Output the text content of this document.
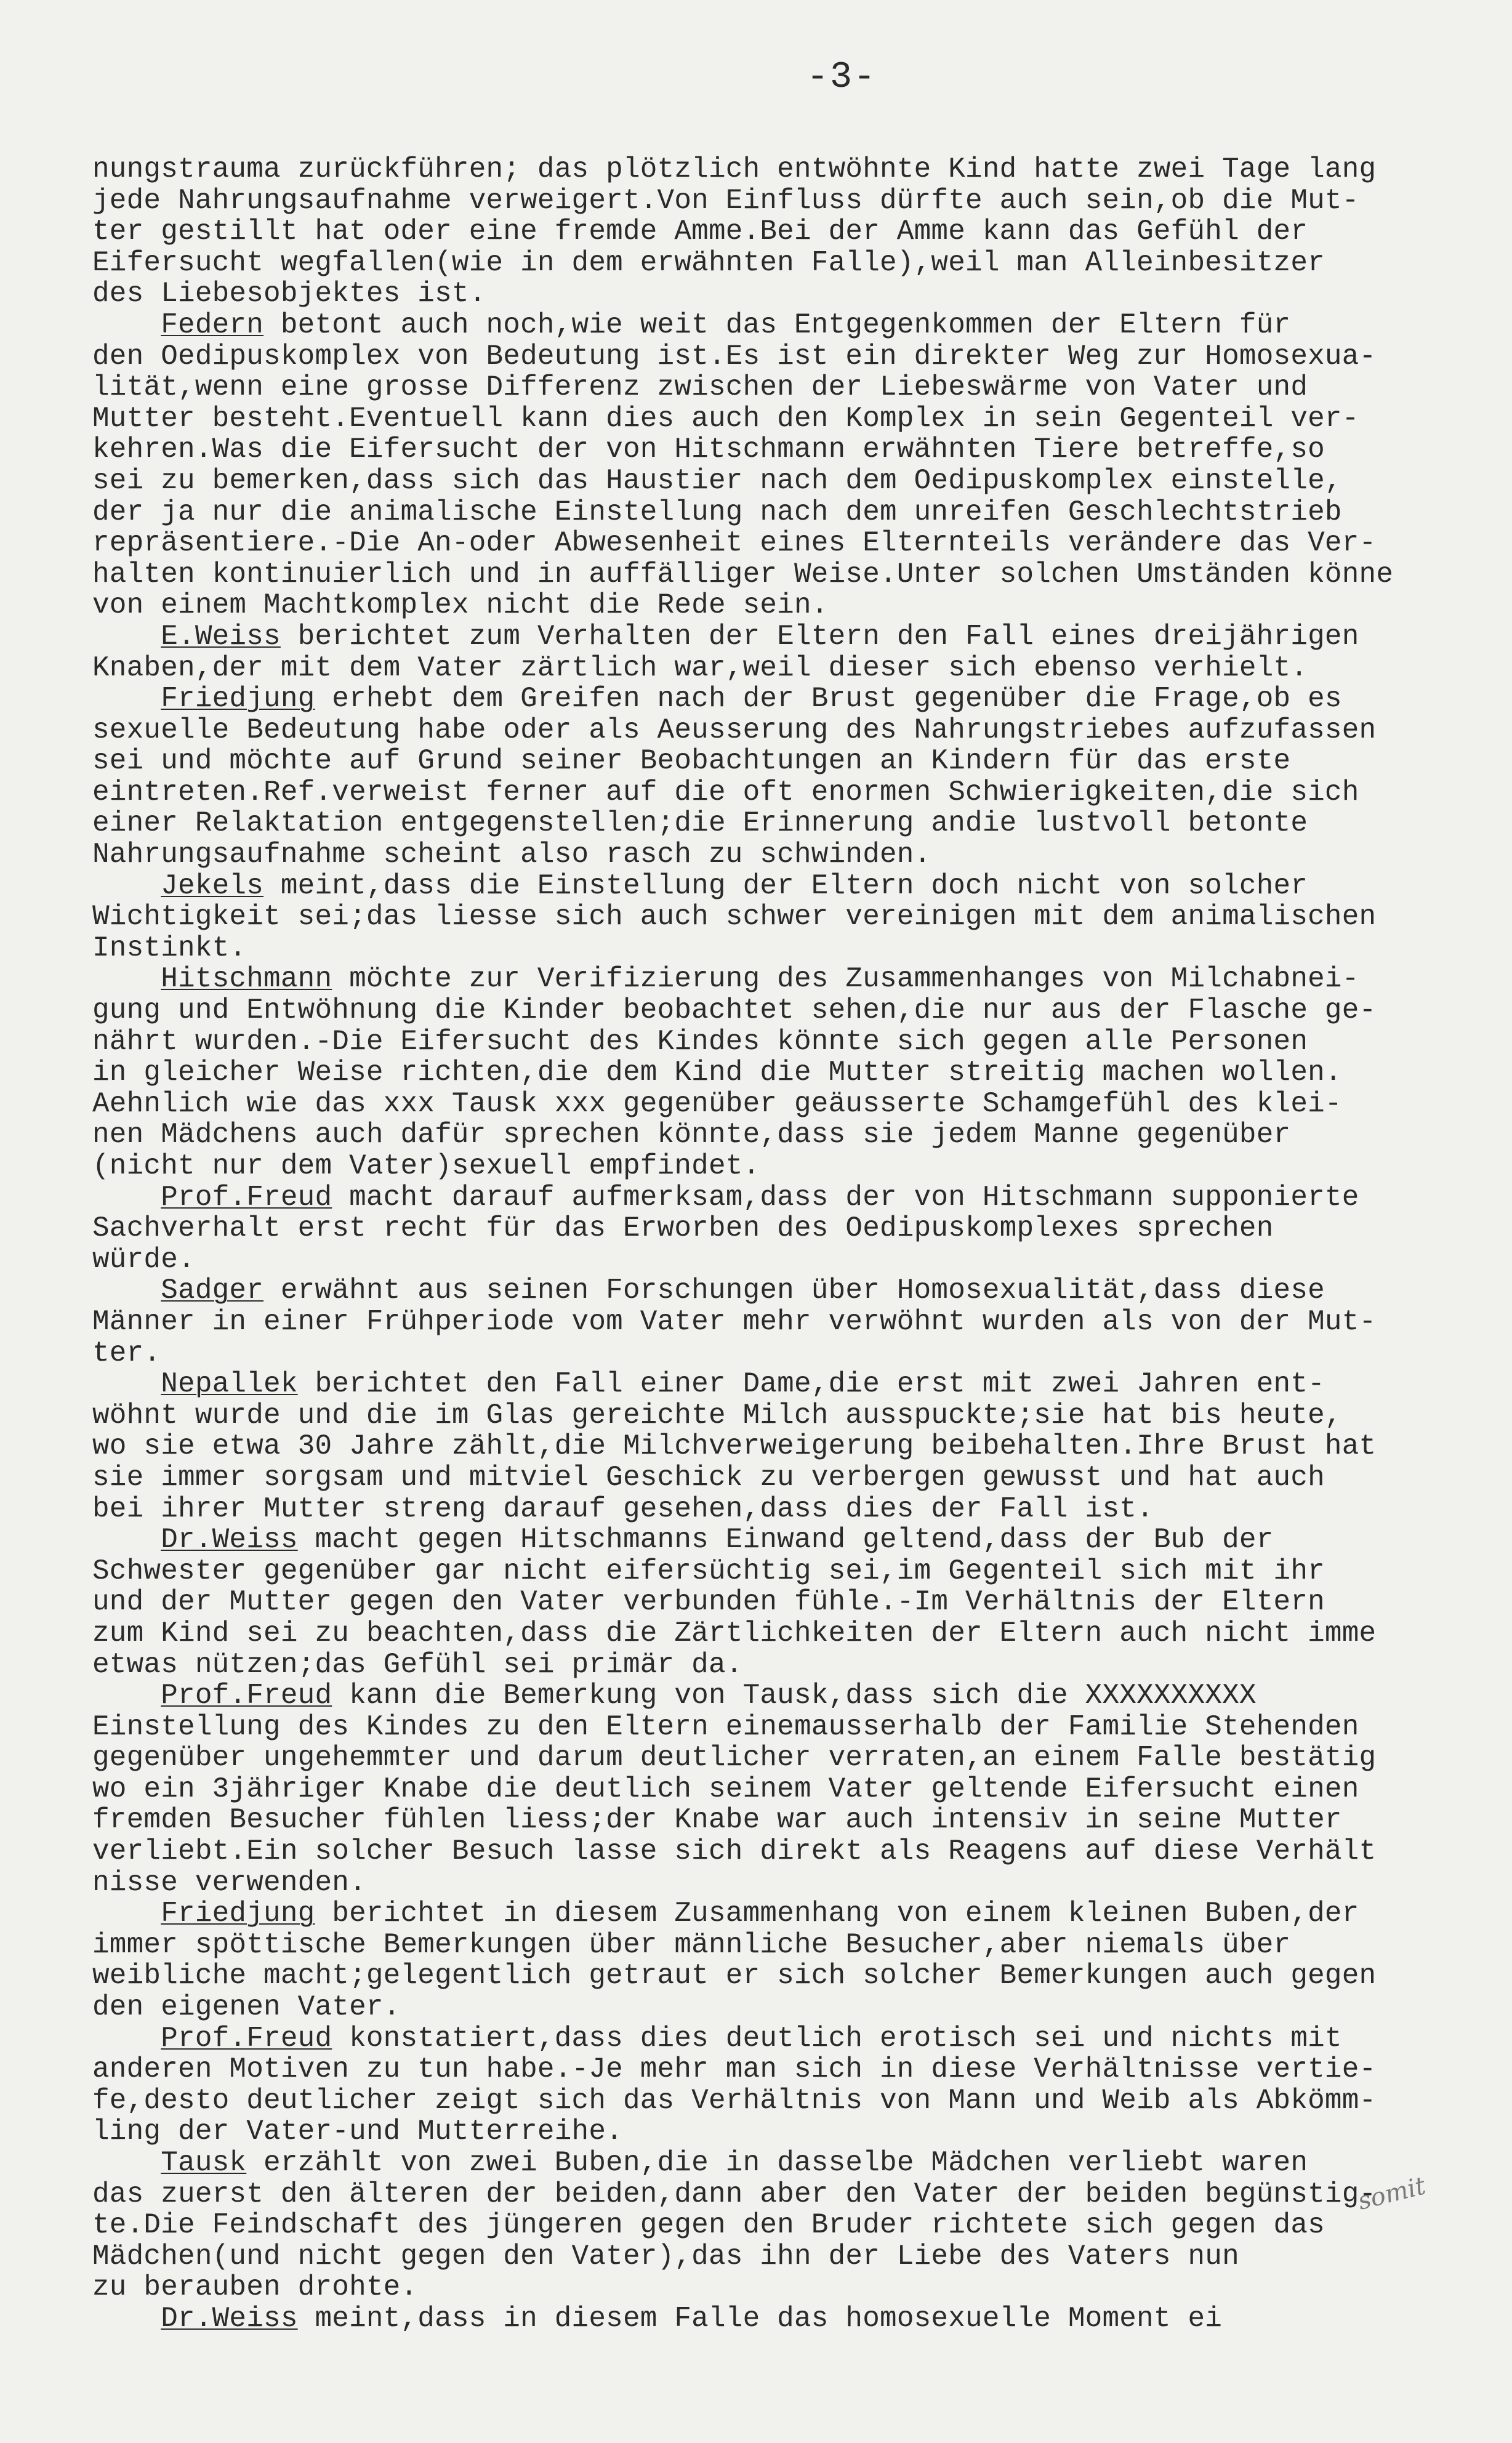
-3-
nungstrauma zurückführen; das plötzlich entwöhnte Kind hatte zwei Tage lang
jede Nahrungsaufnahme verweigert.Von Einfluss dürfte auch sein,ob die Mut-
ter gestillt hat oder eine fremde Amme.Bei der Amme kann das Gefühl der
Eifersucht wegfallen(wie in dem erwähnten Falle),weil man Alleinbesitzer
des Liebesobjektes ist.
Federn betont auch noch,wie weit das Entgegenkommen der Eltern für
den Oedipuskomplex von Bedeutung ist.Es ist ein direkter Weg zur Homosexua-
lität,wenn eine grosse Differenz zwischen der Liebeswärme von Vater und
Mutter besteht.Eventuell kann dies auch den Komplex in sein Gegenteil ver-
kehren.Was die Eifersucht der von Hitschmann erwähnten Tiere betreffe,so
sei zu bemerken,dass sich das Haustier nach dem Oedipuskomplex einstelle,
der ja nur die animalische Einstellung nach dem unreifen Geschlechtstrieb
repräsentiere.-Die An-oder Abwesenheit eines Elternteils verändere das Ver-
halten kontinuierlich und in auffälliger Weise.Unter solchen Umständen könne
von einem Machtkomplex nicht die Rede sein.
E.Weiss berichtet zum Verhalten der Eltern den Fall eines dreijährigen
Knaben,der mit dem Vater zärtlich war,weil dieser sich ebenso verhielt.
Friedjung erhebt dem Greifen nach der Brust gegenüber die Frage,ob es
sexuelle Bedeutung habe oder als Aeusserung des Nahrungstriebes aufzufassen
sei und möchte auf Grund seiner Beobachtungen an Kindern für das erste
eintreten.Ref.verweist ferner auf die oft enormen Schwierigkeiten,die sich
einer Relaktation entgegenstellen;die Erinnerung andie lustvoll betonte
Nahrungsaufnahme scheint also rasch zu schwinden.
Jekels meint,dass die Einstellung der Eltern doch nicht von solcher
Wichtigkeit sei;das liesse sich auch schwer vereinigen mit dem animalischen
Instinkt.
Hitschmann möchte zur Verifizierung des Zusammenhanges von Milchabnei-
gung und Entwöhnung die Kinder beobachtet sehen,die nur aus der Flasche ge-
nährt wurden.-Die Eifersucht des Kindes könnte sich gegen alle Personen
in gleicher Weise richten,die dem Kind die Mutter streitig machen wollen.
Aehnlich wie das xxx Tausk xxx gegenüber geäusserte Schamgefühl des klei-
nen Mädchens auch dafür sprechen könnte,dass sie jedem Manne gegenüber
(nicht nur dem Vater)sexuell empfindet.
Prof.Freud macht darauf aufmerksam,dass der von Hitschmann supponierte
Sachverhalt erst recht für das Erworben des Oedipuskomplexes sprechen
würde.
Sadger erwähnt aus seinen Forschungen über Homosexualität,dass diese
Männer in einer Frühperiode vom Vater mehr verwöhnt wurden als von der Mut-
ter.
Nepallek berichtet den Fall einer Dame,die erst mit zwei Jahren ent-
wöhnt wurde und die im Glas gereichte Milch ausspuckte;sie hat bis heute,
wo sie etwa 30 Jahre zählt,die Milchverweigerung beibehalten.Ihre Brust hat
sie immer sorgsam und mitviel Geschick zu verbergen gewusst und hat auch
bei ihrer Mutter streng darauf gesehen,dass dies der Fall ist.
Dr.Weiss macht gegen Hitschmanns Einwand geltend,dass der Bub der
Schwester gegenüber gar nicht eifersüchtig sei,im Gegenteil sich mit ihr
und der Mutter gegen den Vater verbunden fühle.-Im Verhältnis der Eltern
zum Kind sei zu beachten,dass die Zärtlichkeiten der Eltern auch nicht imme
etwas nützen;das Gefühl sei primär da.
Prof.Freud kann die Bemerkung von Tausk,dass sich die XXXXXXXXXX
Einstellung des Kindes zu den Eltern einemausserhalb der Familie Stehenden
gegenüber ungehemmter und darum deutlicher verraten,an einem Falle bestätig
wo ein 3jähriger Knabe die deutlich seinem Vater geltende Eifersucht einen
fremden Besucher fühlen liess;der Knabe war auch intensiv in seine Mutter
verliebt.Ein solcher Besuch lasse sich direkt als Reagens auf diese Verhält
nisse verwenden.
Friedjung berichtet in diesem Zusammenhang von einem kleinen Buben,der
immer spöttische Bemerkungen über männliche Besucher,aber niemals über
weibliche macht;gelegentlich getraut er sich solcher Bemerkungen auch gegen
den eigenen Vater.
Prof.Freud konstatiert,dass dies deutlich erotisch sei und nichts mit
anderen Motiven zu tun habe.-Je mehr man sich in diese Verhältnisse vertie-
fe,desto deutlicher zeigt sich das Verhältnis von Mann und Weib als Abkömm-
ling der Vater-und Mutterreihe.
Tausk erzählt von zwei Buben,die in dasselbe Mädchen verliebt waren
das zuerst den älteren der beiden,dann aber den Vater der beiden begünstig-
te.Die Feindschaft des jüngeren gegen den Bruder richtete sich gegen das
Mädchen(und nicht gegen den Vater),das ihn der Liebe des Vaters nun
zu berauben drohte.
Dr.Weiss meint,dass in diesem Falle das homosexuelle Moment ei
somit
